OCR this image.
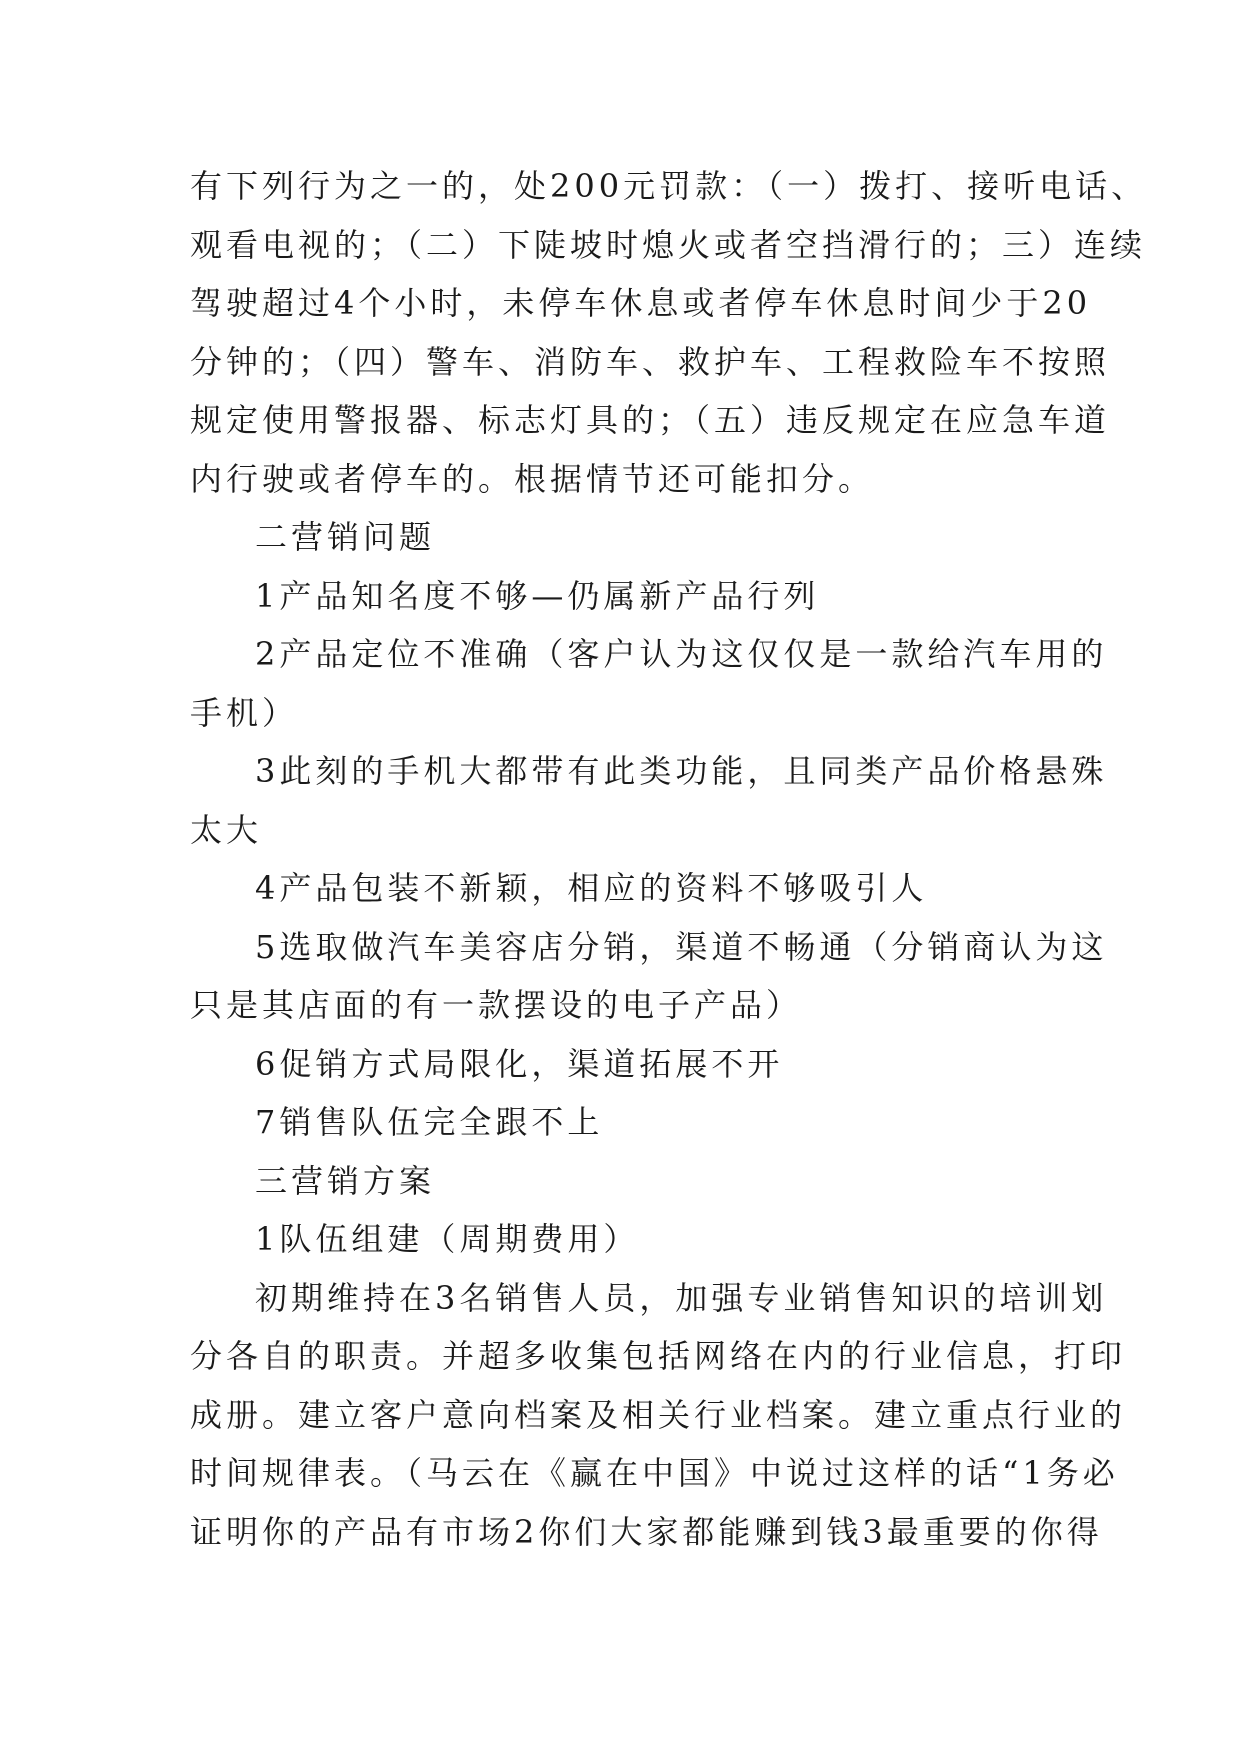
有下列行为之一的，处200元罚款：（一）拨打、接听电话、
观看电视的；（二）下陡坡时熄火或者空挡滑行的；三）连续
驾驶超过4个小时，未停车休息或者停车休息时间少于20
分钟的；（四）警车、消防车、救护车、工程救险车不按照
规定使用警报器、标志灯具的；（五）违反规定在应急车道
内行驶或者停车的。根据情节还可能扣分。
二营销问题
1产品知名度不够—仍属新产品行列
2产品定位不准确（客户认为这仅仅是一款给汽车用的
手机）
3此刻的手机大都带有此类功能，且同类产品价格悬殊
太大
4产品包装不新颖，相应的资料不够吸引人
5选取做汽车美容店分销，渠道不畅通（分销商认为这
只是其店面的有一款摆设的电子产品）
6促销方式局限化，渠道拓展不开
7销售队伍完全跟不上
三营销方案
1队伍组建（周期费用）
初期维持在3名销售人员，加强专业销售知识的培训划
分各自的职责。并超多收集包括网络在内的行业信息，打印
成册。建立客户意向档案及相关行业档案。建立重点行业的
时间规律表。（马云在《赢在中国》中说过这样的话“1务必
证明你的产品有市场2你们大家都能赚到钱3最重要的你得
